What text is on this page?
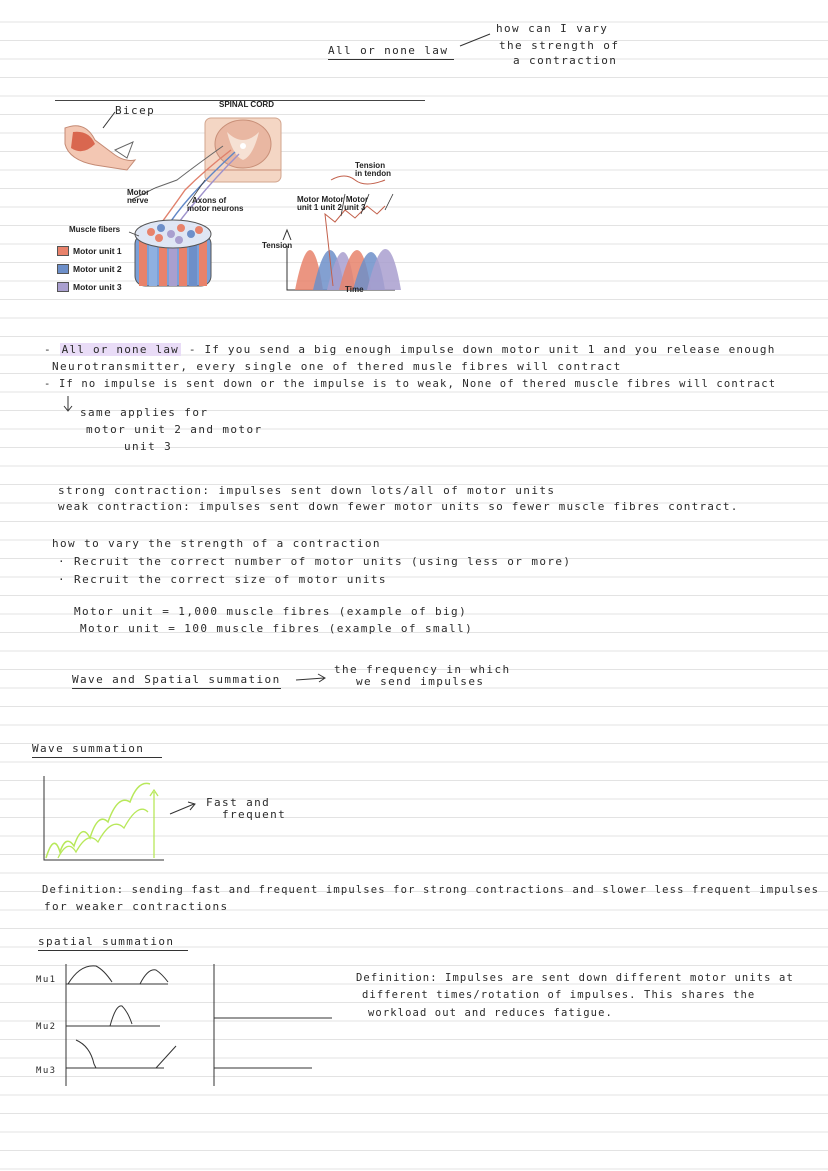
All or none law
how can I vary
the strength of
a contraction
Bicep	SPINAL CORD
Motor
nerve	Axons of
motor neurons
Tension
in tendon
Motor Motor Motor
unit 1 unit 2 unit 3
Muscle fibers
Tension
Time
Motor unit 1
Motor unit 2
Motor unit 3
- All or none law - If you send a big enough impulse down motor unit 1 and you release enough
Neurotransmitter, every single one of thered musle fibres will contract
- If no impulse is sent down or the impulse is to weak, None of thered muscle fibres will contract
same applies for
motor unit 2 and motor
unit 3
strong contraction: impulses sent down lots/all of motor units
weak contraction: impulses sent down fewer motor units so fewer muscle fibres contract.
how to vary the strength of a contraction
· Recruit the correct number of motor units (using less or more)
· Recruit the correct size of motor units
Motor unit = 1,000 muscle fibres (example of big)
Motor unit = 100 muscle fibres (example of small)
Wave and Spatial summation
the frequency in which
we send impulses
Wave summation
Fast and
frequent
Definition: sending fast and frequent impulses for strong contractions and slower less frequent impulses
for weaker contractions
spatial summation
Mu1
Mu2
Mu3
Definition: Impulses are sent down different motor units at
different times/rotation of impulses. This shares the
workload out and reduces fatigue.
